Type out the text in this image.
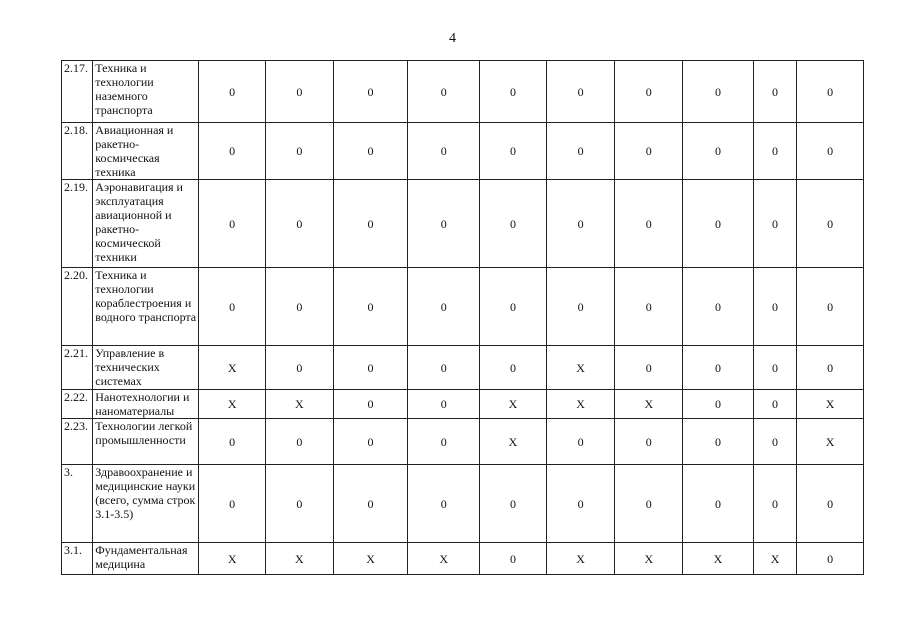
4
2.17.	Техника и технологии наземного транспорта	0	0	0	0	0	0	0	0	0	0
2.18.	Авиационная и ракетно-космическая техника	0	0	0	0	0	0	0	0	0	0
2.19.	Аэронавигация и эксплуатация авиационной и ракетно-космической техники	0	0	0	0	0	0	0	0	0	0
2.20.	Техника и технологии кораблестроения и водного транспорта	0	0	0	0	0	0	0	0	0	0
2.21.	Управление в технических системах	X	0	0	0	0	X	0	0	0	0
2.22.	Нанотехнологии и наноматериалы	X	X	0	0	X	X	X	0	0	X
2.23.	Технологии легкой промышленности	0	0	0	0	X	0	0	0	0	X
3.	Здравоохранение и медицинские науки (всего, сумма строк 3.1-3.5)	0	0	0	0	0	0	0	0	0	0
3.1.	Фундаментальная медицина	X	X	X	X	0	X	X	X	X	0
